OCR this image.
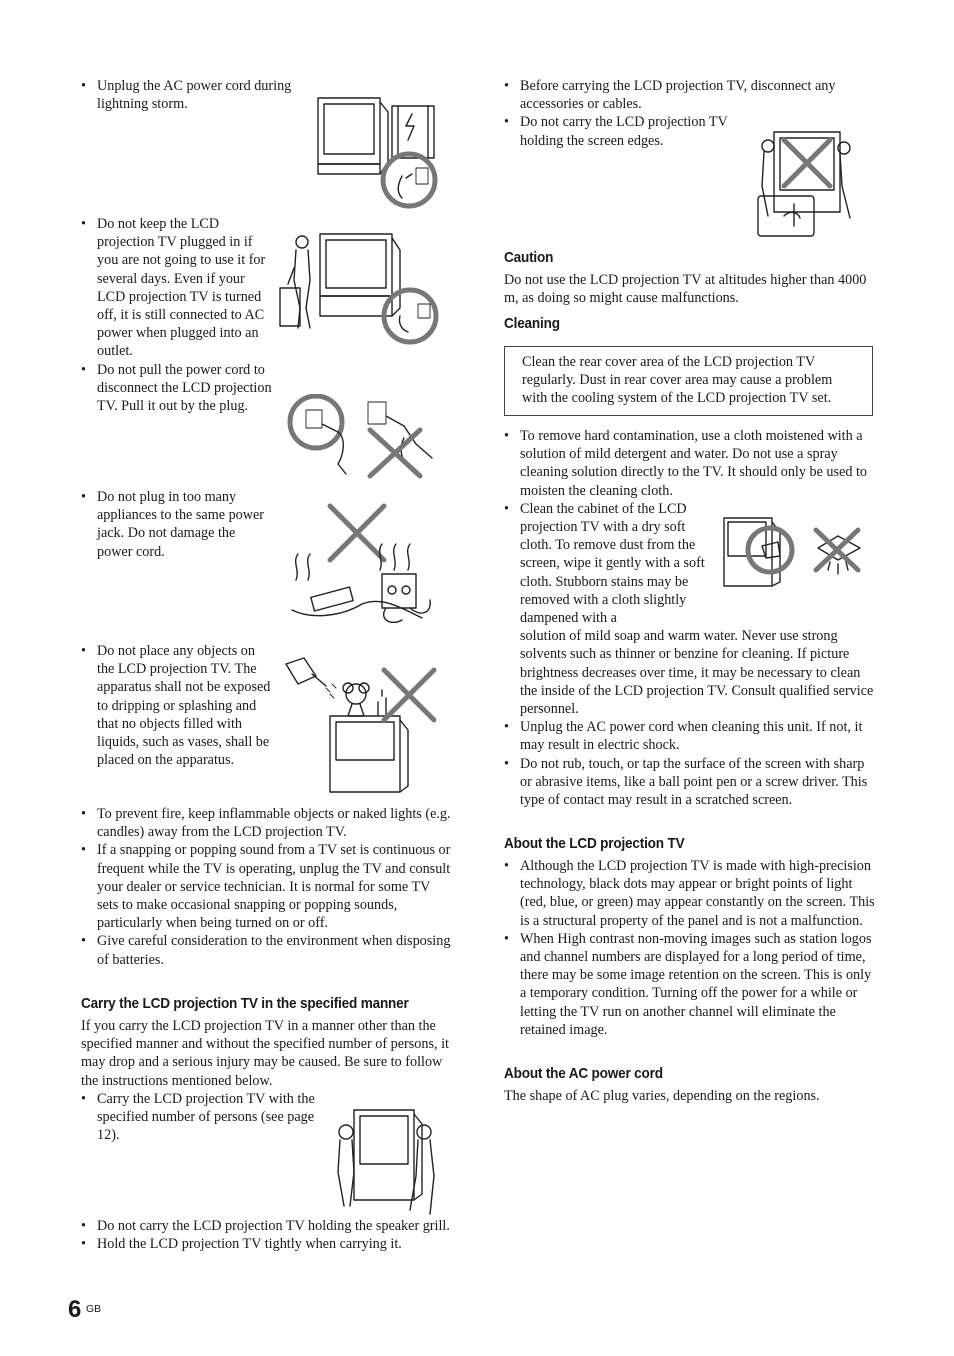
• Unplug the AC power cord during lightning storm.
• Do not keep the LCD projection TV plugged in if you are not going to use it for several days. Even if your LCD projection TV is turned off, it is still connected to AC power when plugged into an outlet.
• Do not pull the power cord to disconnect the LCD projection TV. Pull it out by the plug.
• Do not plug in too many appliances to the same power jack. Do not damage the power cord.
• Do not place any objects on the LCD projection TV. The apparatus shall not be exposed to dripping or splashing and that no objects filled with liquids, such as vases, shall be placed on the apparatus.
• To prevent fire, keep inflammable objects or naked lights (e.g. candles) away from the LCD projection TV.
• If a snapping or popping sound from a TV set is continuous or frequent while the TV is operating, unplug the TV and consult your dealer or service technician. It is normal for some TV sets to make occasional snapping or popping sounds, particularly when being turned on or off.
• Give careful consideration to the environment when disposing of batteries.
Carry the LCD projection TV in the specified manner

If you carry the LCD projection TV in a manner other than the specified manner and without the specified number of persons, it may drop and a serious injury may be caused. Be sure to follow the instructions mentioned below.

• Carry the LCD projection TV with the specified number of persons (see page 12).
• Do not carry the LCD projection TV holding the speaker grill.
• Hold the LCD projection TV tightly when carrying it.
• Before carrying the LCD projection TV, disconnect any accessories or cables.
• Do not carry the LCD projection TV holding the screen edges.
Caution

Do not use the LCD projection TV at altitudes higher than 4000 m, as doing so might cause malfunctions.

Cleaning

Clean the rear cover area of the LCD projection TV regularly. Dust in rear cover area may cause a problem with the cooling system of the LCD projection TV set.

• To remove hard contamination, use a cloth moistened with a solution of mild detergent and water. Do not use a spray cleaning solution directly to the TV. It should only be used to moisten the cleaning cloth.
• Clean the cabinet of the LCD projection TV with a dry soft cloth. To remove dust from the screen, wipe it gently with a soft cloth. Stubborn stains may be removed with a cloth slightly dampened with a
solution of mild soap and warm water. Never use strong solvents such as thinner or benzine for cleaning. If picture brightness decreases over time, it may be necessary to clean the inside of the LCD projection TV. Consult qualified service personnel.
• Unplug the AC power cord when cleaning this unit. If not, it may result in electric shock.
• Do not rub, touch, or tap the surface of the screen with sharp or abrasive items, like a ball point pen or a screw driver. This type of contact may result in a scratched screen.
About the LCD projection TV
• Although the LCD projection TV is made with high-precision technology, black dots may appear or bright points of light (red, blue, or green) may appear constantly on the screen. This is a structural property of the panel and is not a malfunction.
• When High contrast non-moving images such as station logos and channel numbers are displayed for a long period of time, there may be some image retention on the screen. This is only a temporary condition. Turning off the power for a while or letting the TV run on another channel will eliminate the retained image.
About the AC power cord

The shape of AC plug varies, depending on the regions.

6 GB
